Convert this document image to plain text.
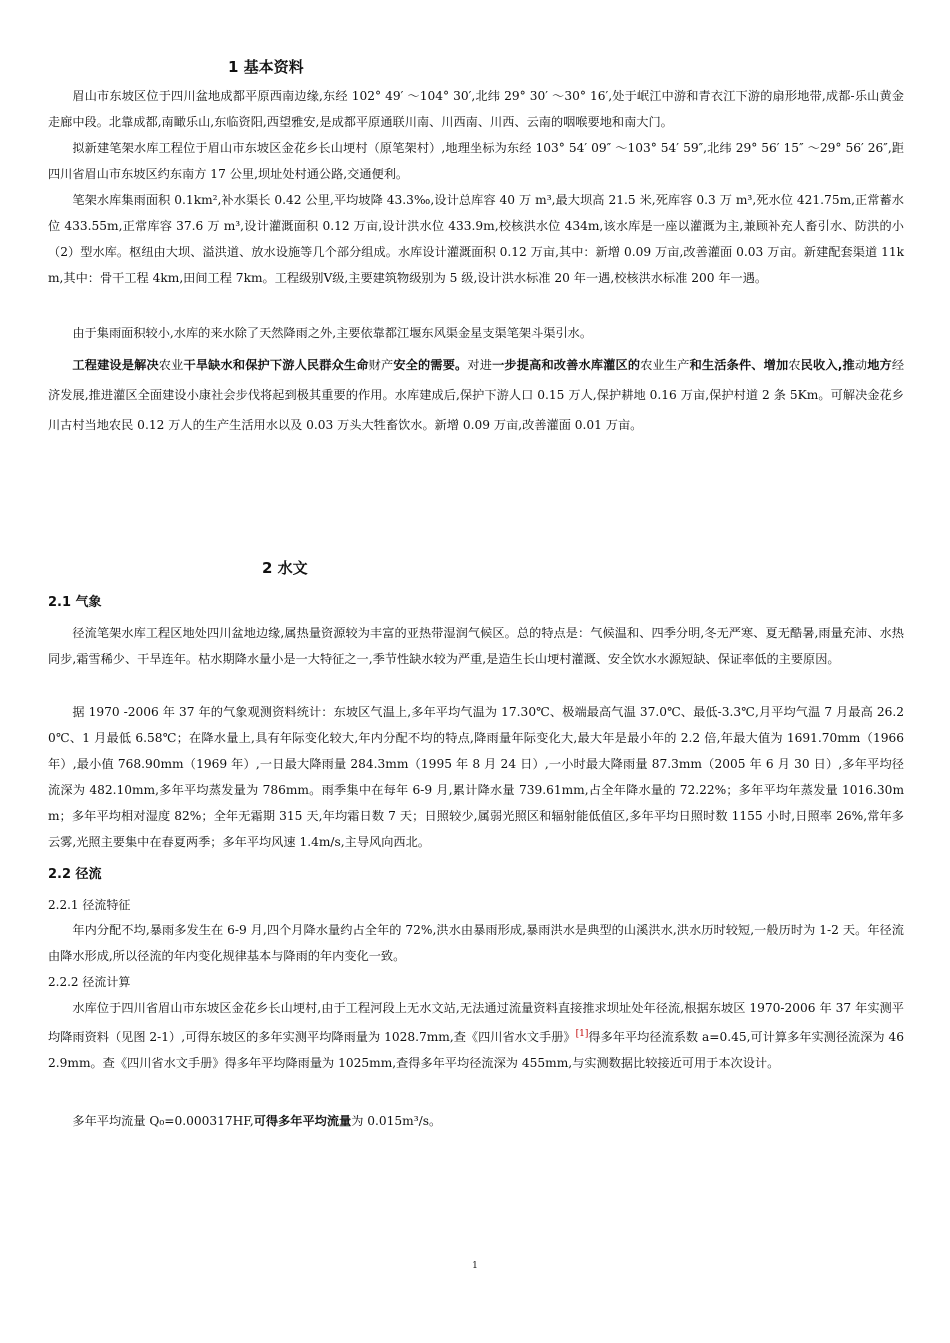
1 基本资料

眉山市东坡区位于四川盆地成都平原西南边缘,东经 102° 49′ ～104° 30′,北纬 29° 30′ ～30° 16′,处于岷江中游和青衣江下游的扇形地带,成都-乐山黄金走廊中段。北靠成都,南瞰乐山,东临资阳,西望雅安,是成都平原通联川南、川西南、川西、云南的咽喉要地和南大门。

拟新建笔架水库工程位于眉山市东坡区金花乡长山埂村（原笔架村）,地理坐标为东经 103° 54′ 09″ ～103° 54′ 59″,北纬 29° 56′ 15″ ～29° 56′ 26″,距四川省眉山市东坡区约东南方 17 公里,坝址处村通公路,交通便利。

笔架水库集雨面积 0.1km²,补水渠长 0.42 公里,平均坡降 43.3‰,设计总库容 40 万 m³,最大坝高 21.5 米,死库容 0.3 万 m³,死水位 421.75m,正常蓄水位 433.55m,正常库容 37.6 万 m³,设计灌溉面积 0.12 万亩,设计洪水位 433.9m,校核洪水位 434m,该水库是一座以灌溉为主,兼顾补充人畜引水、防洪的小（2）型水库。枢纽由大坝、溢洪道、放水设施等几个部分组成。水库设计灌溉面积 0.12 万亩,其中：新增 0.09 万亩,改善灌面 0.03 万亩。新建配套渠道 11km,其中：骨干工程 4km,田间工程 7km。工程级别Ⅴ级,主要建筑物级别为 5 级,设计洪水标准 20 年一遇,校核洪水标准 200 年一遇。

由于集雨面积较小,水库的来水除了天然降雨之外,主要依靠都江堰东风渠金星支渠笔架斗渠引水。

工程建设是解决农业干旱缺水和保护下游人民群众生命财产安全的需要。对进一步提高和改善水库灌区的农业生产和生活条件、增加农民收入,推动地方经济发展,推进灌区全面建设小康社会步伐将起到极其重要的作用。水库建成后,保护下游人口 0.15 万人,保护耕地 0.16 万亩,保护村道 2 条 5Km。可解决金花乡川古村当地农民 0.12 万人的生产生活用水以及 0.03 万头大牲畜饮水。新增 0.09 万亩,改善灌面 0.01 万亩。

2 水文
2.1 气象

径流笔架水库工程区地处四川盆地边缘,属热量资源较为丰富的亚热带湿润气候区。总的特点是：气候温和、四季分明,冬无严寒、夏无酷暑,雨量充沛、水热同步,霜雪稀少、干旱连年。枯水期降水量小是一大特征之一,季节性缺水较为严重,是造生长山埂村灌溉、安全饮水水源短缺、保证率低的主要原因。

据 1970 -2006 年 37 年的气象观测资料统计：东坡区气温上,多年平均气温为 17.30℃、极端最高气温 37.0℃、最低-3.3℃,月平均气温 7 月最高 26.20℃、1 月最低 6.58℃；在降水量上,具有年际变化较大,年内分配不均的特点,降雨量年际变化大,最大年是最小年的 2.2 倍,年最大值为 1691.70mm（1966 年）,最小值 768.90mm（1969 年）,一日最大降雨量 284.3mm（1995 年 8 月 24 日）,一小时最大降雨量 87.3mm（2005 年 6 月 30 日）,多年平均径流深为 482.10mm,多年平均蒸发量为 786mm。雨季集中在每年 6-9 月,累计降水量 739.61mm,占全年降水量的 72.22%；多年平均年蒸发量 1016.30mm；多年平均相对湿度 82%；全年无霜期 315 天,年均霜日数 7 天；日照较少,属弱光照区和辐射能低值区,多年平均日照时数 1155 小时,日照率 26%,常年多云雾,光照主要集中在春夏两季；多年平均风速 1.4m/s,主导风向西北。

2.2 径流
2.2.1 径流特征

年内分配不均,暴雨多发生在 6-9 月,四个月降水量约占全年的 72%,洪水由暴雨形成,暴雨洪水是典型的山溪洪水,洪水历时较短,一般历时为 1-2 天。年径流由降水形成,所以径流的年内变化规律基本与降雨的年内变化一致。

2.2.2 径流计算

水库位于四川省眉山市东坡区金花乡长山埂村,由于工程河段上无水文站,无法通过流量资料直接推求坝址处年径流,根据东坡区 1970-2006 年 37 年实测平均降雨资料（见图 2-1）,可得东坡区的多年实测平均降雨量为 1028.7mm,查《四川省水文手册》[1]得多年平均径流系数 a=0.45,可计算多年实测径流深为 462.9mm。查《四川省水文手册》得多年平均降雨量为 1025mm,查得多年平均径流深为 455mm,与实测数据比较接近可用于本次设计。

多年平均流量 Q₀=0.000317HF,可得多年平均流量为 0.015m³/s。

1
